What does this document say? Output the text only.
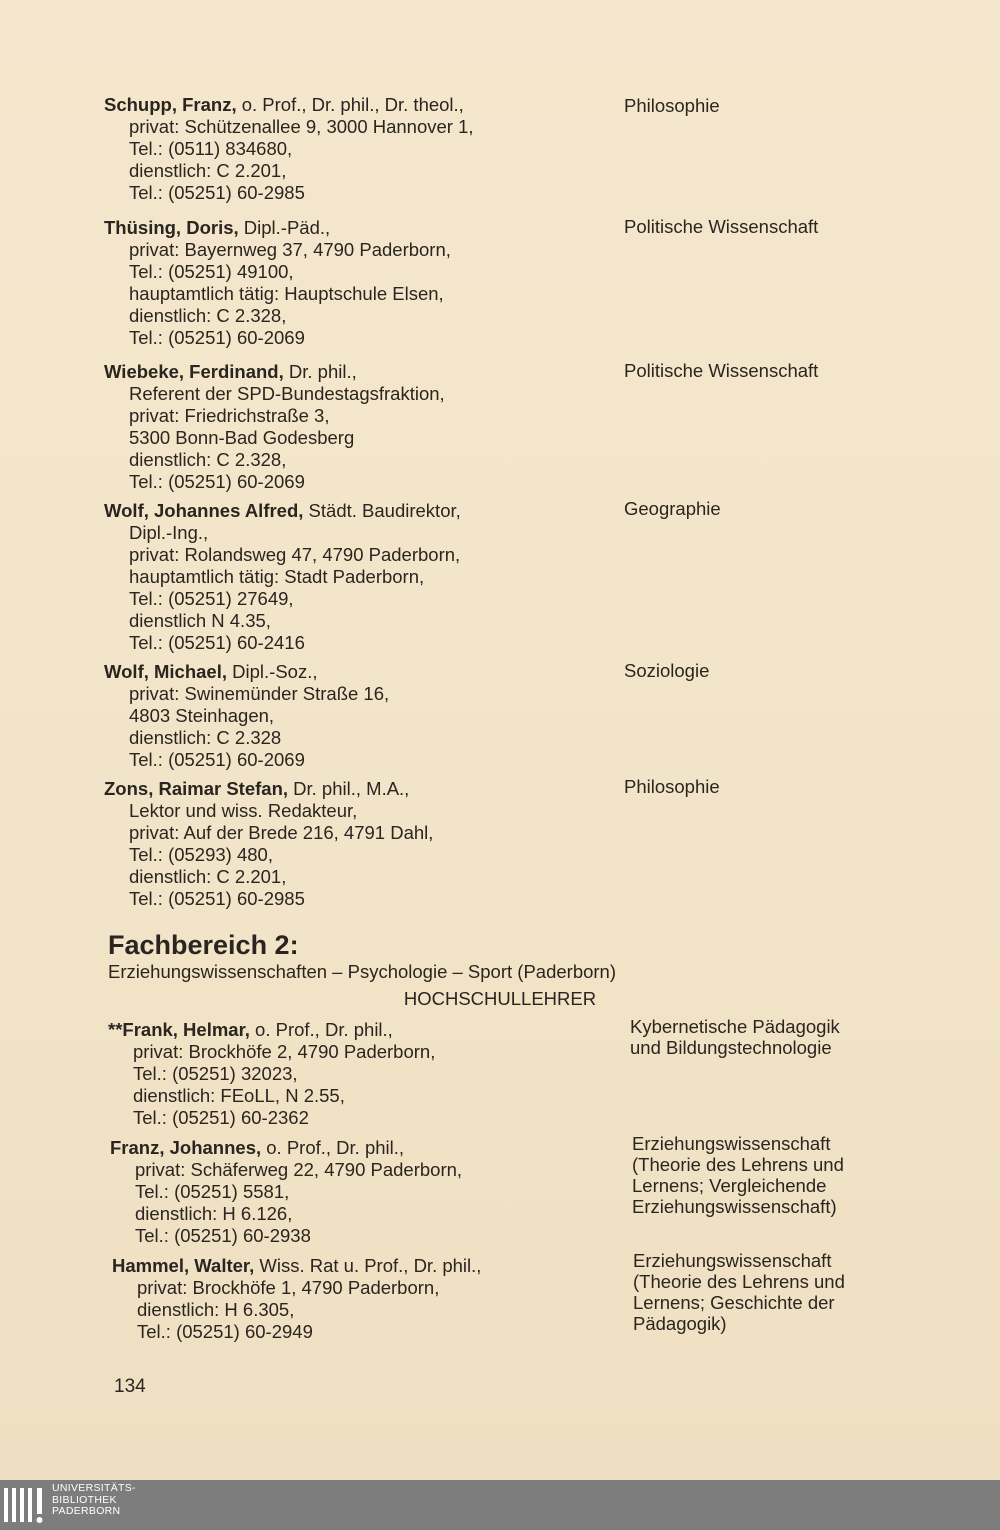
Schupp, Franz, o. Prof., Dr. phil., Dr. theol.,
privat: Schützenallee 9, 3000 Hannover 1,
Tel.: (0511) 834680,
dienstlich: C 2.201,
Tel.: (05251) 60-2985
Philosophie
Thüsing, Doris, Dipl.-Päd.,
privat: Bayernweg 37, 4790 Paderborn,
Tel.: (05251) 49100,
hauptamtlich tätig: Hauptschule Elsen,
dienstlich: C 2.328,
Tel.: (05251) 60-2069
Politische Wissenschaft
Wiebeke, Ferdinand, Dr. phil.,
Referent der SPD-Bundestagsfraktion,
privat: Friedrichstraße 3,
5300 Bonn-Bad Godesberg
dienstlich: C 2.328,
Tel.: (05251) 60-2069
Politische Wissenschaft
Wolf, Johannes Alfred, Städt. Baudirektor,
Dipl.-Ing.,
privat: Rolandsweg 47, 4790 Paderborn,
hauptamtlich tätig: Stadt Paderborn,
Tel.: (05251) 27649,
dienstlich N 4.35,
Tel.: (05251) 60-2416
Geographie
Wolf, Michael, Dipl.-Soz.,
privat: Swinemünder Straße 16,
4803 Steinhagen,
dienstlich: C 2.328
Tel.: (05251) 60-2069
Soziologie
Zons, Raimar Stefan, Dr. phil., M.A.,
Lektor und wiss. Redakteur,
privat: Auf der Brede 216, 4791 Dahl,
Tel.: (05293) 480,
dienstlich: C 2.201,
Tel.: (05251) 60-2985
Philosophie
Fachbereich 2:
Erziehungswissenschaften – Psychologie – Sport (Paderborn)
HOCHSCHULLEHRER
**Frank, Helmar, o. Prof., Dr. phil.,
privat: Brockhöfe 2, 4790 Paderborn,
Tel.: (05251) 32023,
dienstlich: FEoLL, N 2.55,
Tel.: (05251) 60-2362
Kybernetische Pädagogik
und Bildungstechnologie
Franz, Johannes, o. Prof., Dr. phil.,
privat: Schäferweg 22, 4790 Paderborn,
Tel.: (05251) 5581,
dienstlich: H 6.126,
Tel.: (05251) 60-2938
Erziehungswissenschaft
(Theorie des Lehrens und
Lernens; Vergleichende
Erziehungswissenschaft)
Hammel, Walter, Wiss. Rat u. Prof., Dr. phil.,
privat: Brockhöfe 1, 4790 Paderborn,
dienstlich: H 6.305,
Tel.: (05251) 60-2949
Erziehungswissenschaft
(Theorie des Lehrens und
Lernens; Geschichte der
Pädagogik)
134
UNIVERSITÄTS-
BIBLIOTHEK
PADERBORN
